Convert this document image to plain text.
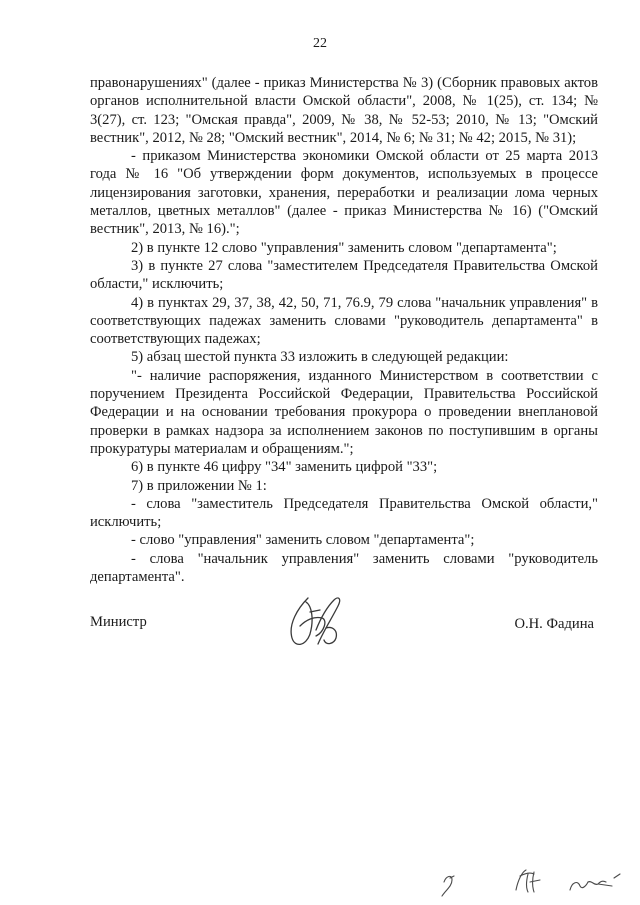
22

правонарушениях" (далее - приказ Министерства № 3) (Сборник правовых актов органов исполнительной власти Омской области", 2008, № 1(25), ст. 134; № 3(27), ст. 123; "Омская правда", 2009, № 38, № 52-53; 2010, № 13; "Омский вестник", 2012, № 28; "Омский вестник", 2014, № 6; № 31; № 42; 2015, № 31);

- приказом Министерства экономики Омской области от 25 марта 2013 года № 16 "Об утверждении форм документов, используемых в процессе лицензирования заготовки, хранения, переработки и реализации лома черных металлов, цветных металлов" (далее - приказ Министерства № 16) ("Омский вестник", 2013, № 16).";

2) в пункте 12 слово "управления" заменить словом "департамента";

3) в пункте 27 слова "заместителем Председателя Правительства Омской области," исключить;

4) в пунктах 29, 37, 38, 42, 50, 71, 76.9, 79 слова "начальник управления" в соответствующих падежах заменить словами "руководитель департамента" в соответствующих падежах;

5) абзац шестой пункта 33 изложить в следующей редакции:

"- наличие распоряжения, изданного Министерством в соответствии с поручением Президента Российской Федерации, Правительства Российской Федерации и на основании требования прокурора о проведении внеплановой проверки в рамках надзора за исполнением законов по поступившим в органы прокуратуры материалам и обращениям.";

6) в пункте 46 цифру "34" заменить цифрой "33";

7) в приложении № 1:

- слова "заместитель Председателя Правительства Омской области," исключить;

- слово "управления" заменить словом "департамента";

- слова "начальник управления" заменить словами "руководитель департамента".

Министр	О.Н. Фадина
